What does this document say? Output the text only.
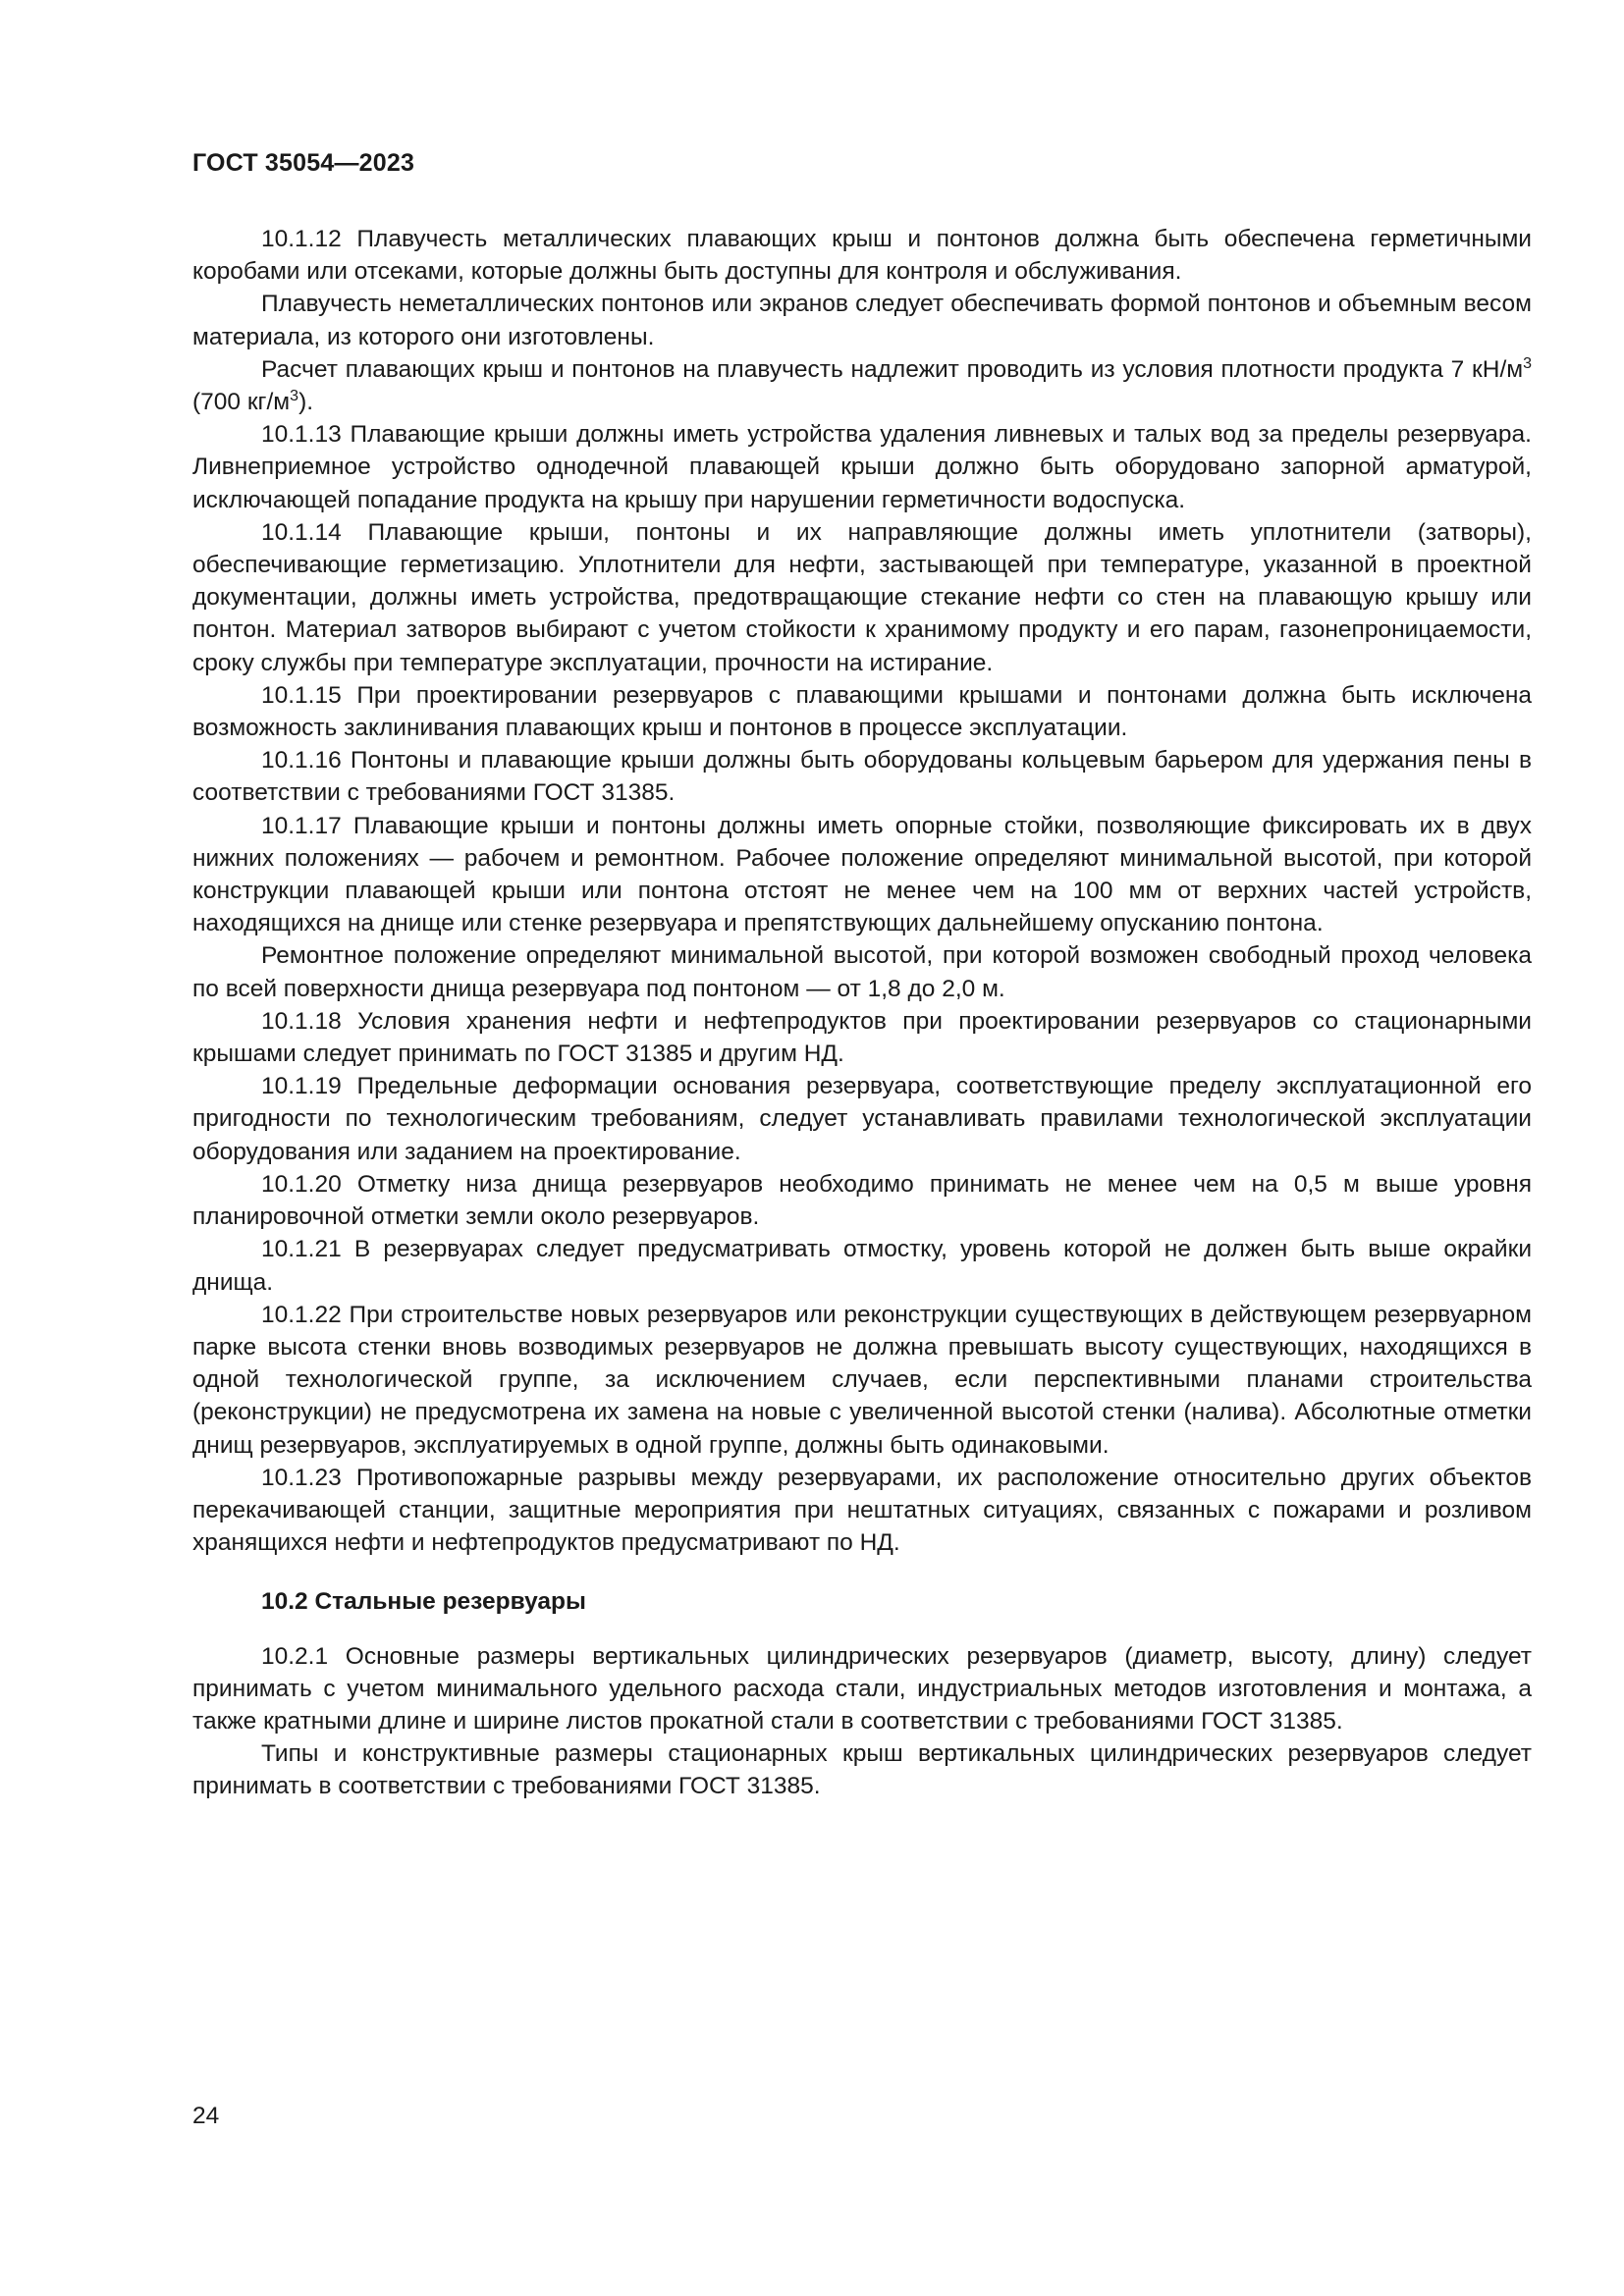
ГОСТ 35054—2023

10.1.12 Плавучесть металлических плавающих крыш и понтонов должна быть обеспечена герметичными коробами или отсеками, которые должны быть доступны для контроля и обслуживания.

Плавучесть неметаллических понтонов или экранов следует обеспечивать формой понтонов и объемным весом материала, из которого они изготовлены.

Расчет плавающих крыш и понтонов на плавучесть надлежит проводить из условия плотности продукта 7 $кН/м^3$ (700 $кг/м^3$).

10.1.13 Плавающие крыши должны иметь устройства удаления ливневых и талых вод за пределы резервуара. Ливнеприемное устройство однодечной плавающей крыши должно быть оборудовано запорной арматурой, исключающей попадание продукта на крышу при нарушении герметичности водоспуска.

10.1.14 Плавающие крыши, понтоны и их направляющие должны иметь уплотнители (затворы), обеспечивающие герметизацию. Уплотнители для нефти, застывающей при температуре, указанной в проектной документации, должны иметь устройства, предотвращающие стекание нефти со стен на плавающую крышу или понтон. Материал затворов выбирают с учетом стойкости к хранимому продукту и его парам, газонепроницаемости, сроку службы при температуре эксплуатации, прочности на истирание.

10.1.15 При проектировании резервуаров с плавающими крышами и понтонами должна быть исключена возможность заклинивания плавающих крыш и понтонов в процессе эксплуатации.

10.1.16 Понтоны и плавающие крыши должны быть оборудованы кольцевым барьером для удержания пены в соответствии с требованиями ГОСТ 31385.

10.1.17 Плавающие крыши и понтоны должны иметь опорные стойки, позволяющие фиксировать их в двух нижних положениях — рабочем и ремонтном. Рабочее положение определяют минимальной высотой, при которой конструкции плавающей крыши или понтона отстоят не менее чем на 100 мм от верхних частей устройств, находящихся на днище или стенке резервуара и препятствующих дальнейшему опусканию понтона.

Ремонтное положение определяют минимальной высотой, при которой возможен свободный проход человека по всей поверхности днища резервуара под понтоном — от 1,8 до 2,0 м.

10.1.18 Условия хранения нефти и нефтепродуктов при проектировании резервуаров со стационарными крышами следует принимать по ГОСТ 31385 и другим НД.

10.1.19 Предельные деформации основания резервуара, соответствующие пределу эксплуатационной его пригодности по технологическим требованиям, следует устанавливать правилами технологической эксплуатации оборудования или заданием на проектирование.

10.1.20 Отметку низа днища резервуаров необходимо принимать не менее чем на 0,5 м выше уровня планировочной отметки земли около резервуаров.

10.1.21 В резервуарах следует предусматривать отмостку, уровень которой не должен быть выше окрайки днища.

10.1.22 При строительстве новых резервуаров или реконструкции существующих в действующем резервуарном парке высота стенки вновь возводимых резервуаров не должна превышать высоту существующих, находящихся в одной технологической группе, за исключением случаев, если перспективными планами строительства (реконструкции) не предусмотрена их замена на новые с увеличенной высотой стенки (налива). Абсолютные отметки днищ резервуаров, эксплуатируемых в одной группе, должны быть одинаковыми.

10.1.23 Противопожарные разрывы между резервуарами, их расположение относительно других объектов перекачивающей станции, защитные мероприятия при нештатных ситуациях, связанных с пожарами и розливом хранящихся нефти и нефтепродуктов предусматривают по НД.

10.2 Стальные резервуары

10.2.1 Основные размеры вертикальных цилиндрических резервуаров (диаметр, высоту, длину) следует принимать с учетом минимального удельного расхода стали, индустриальных методов изготовления и монтажа, а также кратными длине и ширине листов прокатной стали в соответствии с требованиями ГОСТ 31385.

Типы и конструктивные размеры стационарных крыш вертикальных цилиндрических резервуаров следует принимать в соответствии с требованиями ГОСТ 31385.

24
